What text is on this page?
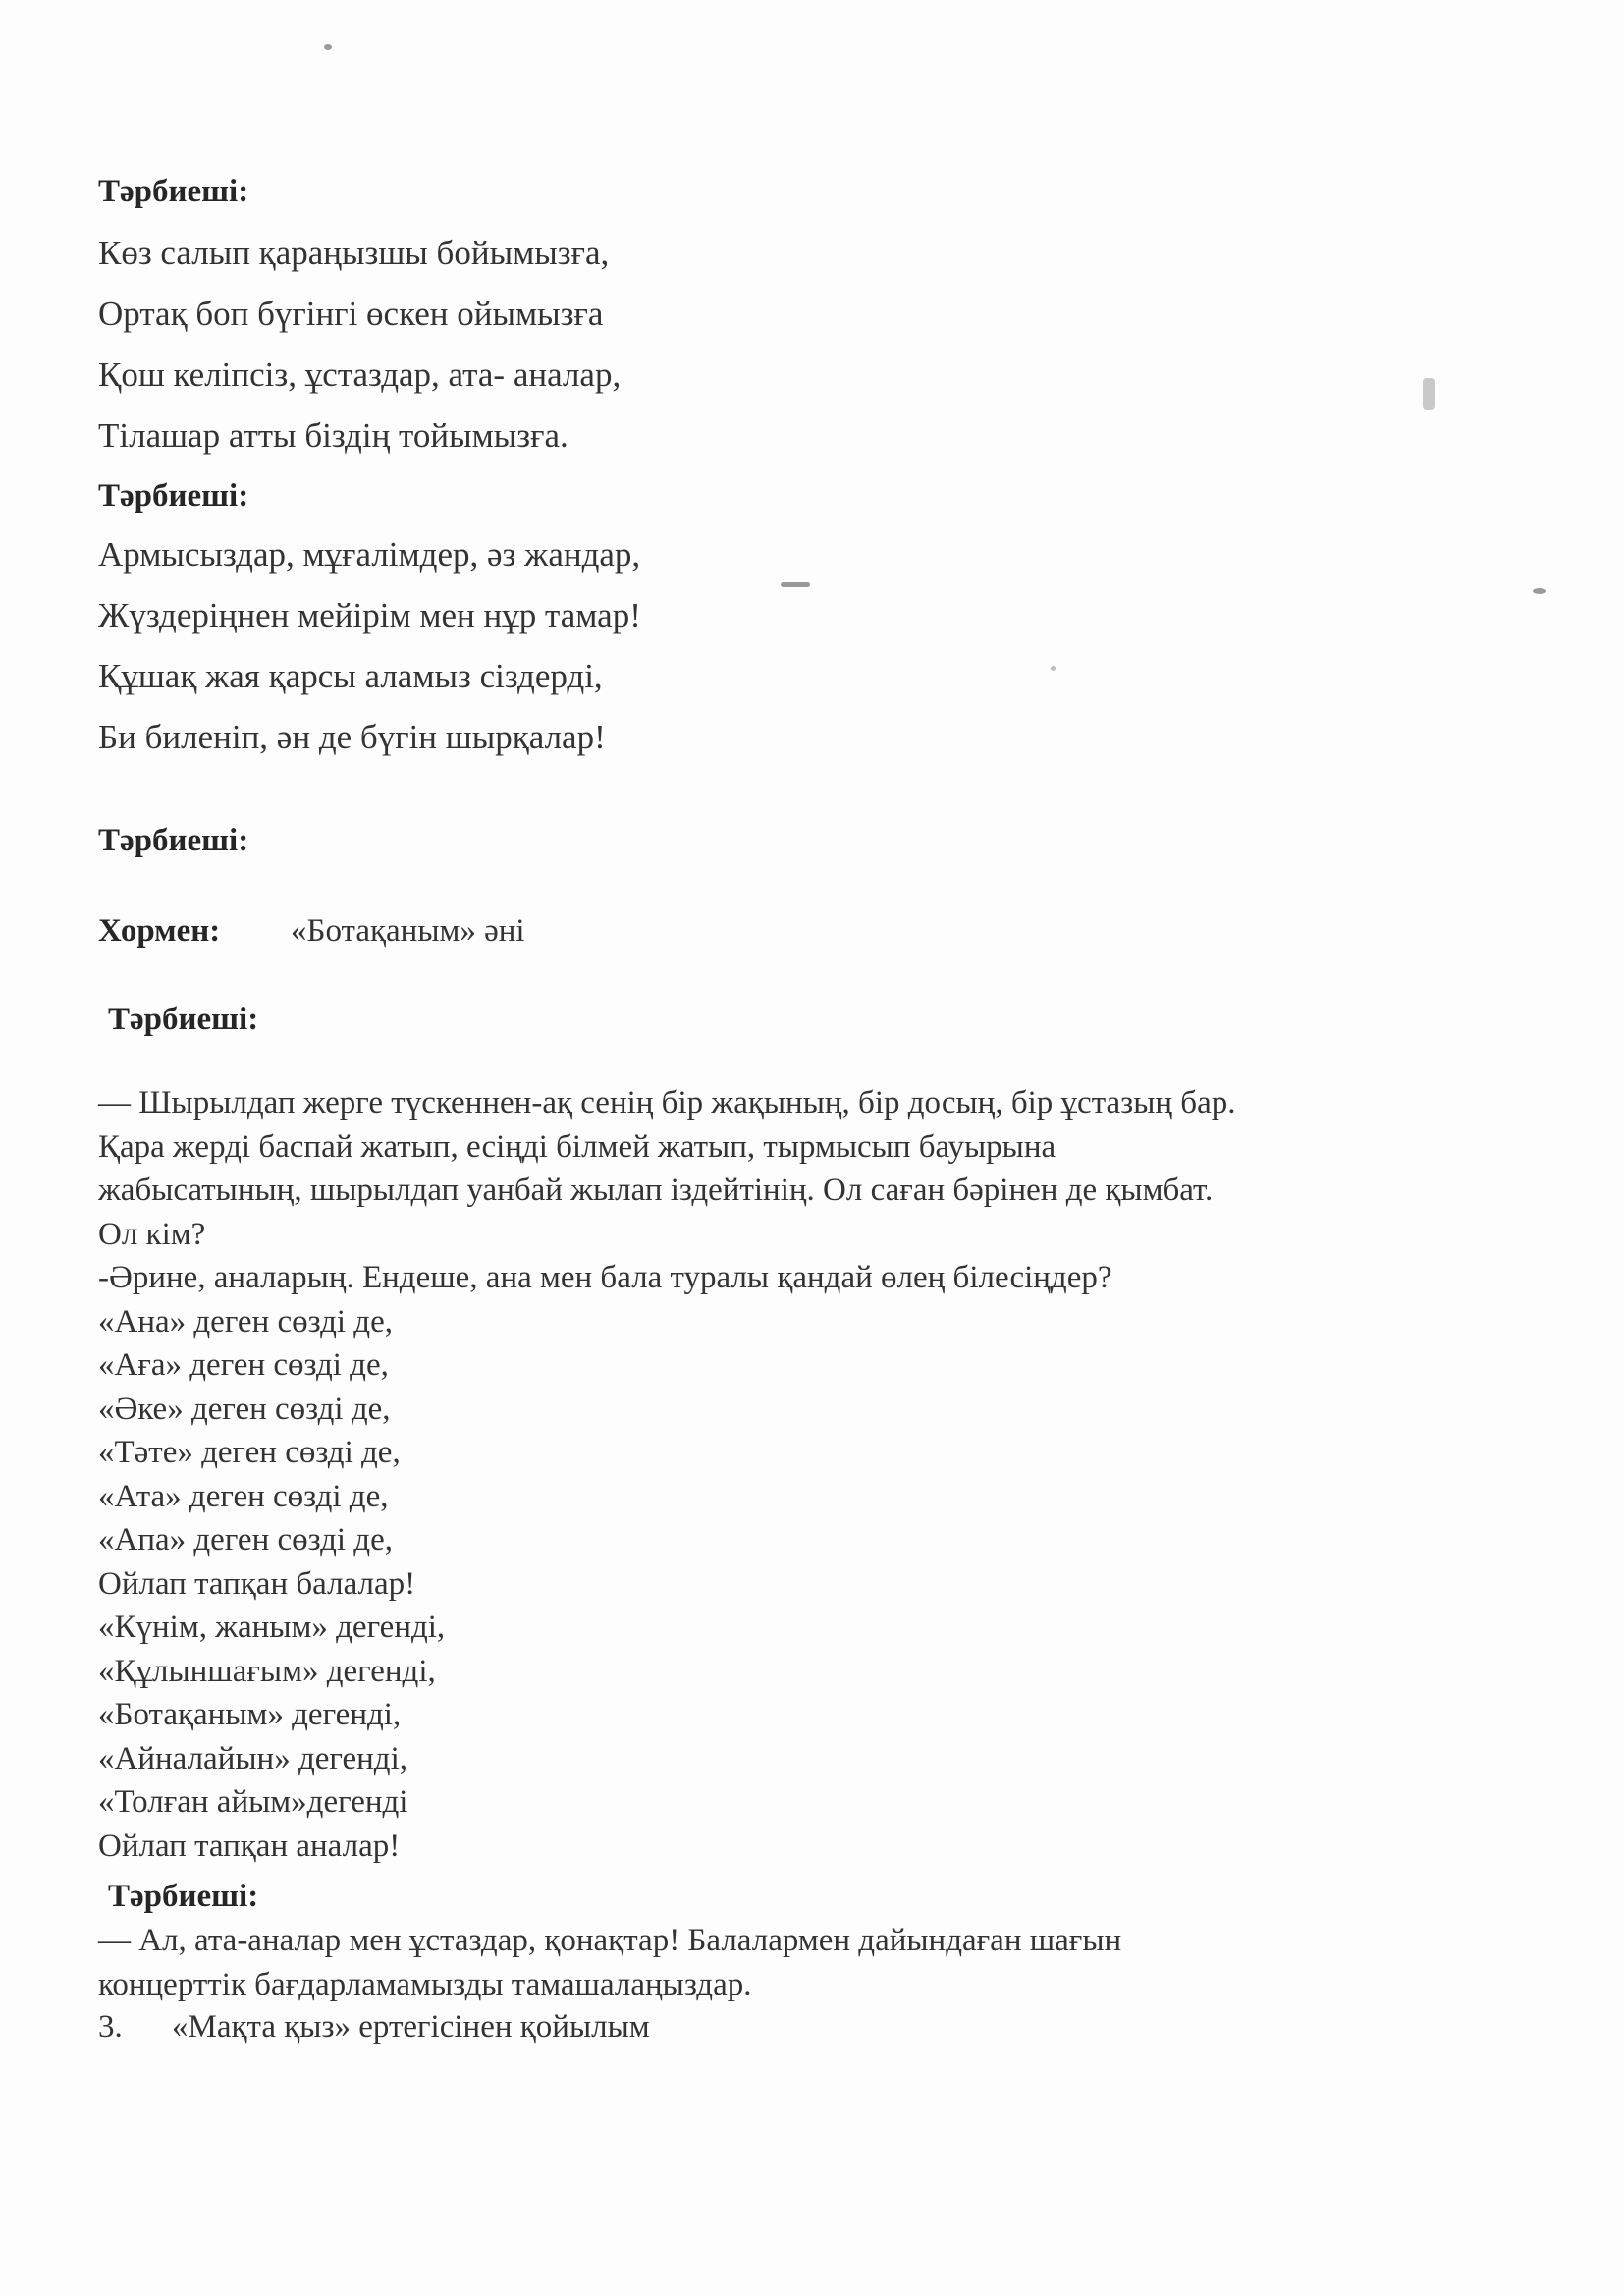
Тәрбиеші:
Көз салып қараңызшы бойымызға,
Ортақ боп бүгінгі өскен ойымызға
Қош келіпсіз, ұстаздар, ата- аналар,
Тілашар атты біздің тойымызға.
Тәрбиеші:
Армысыздар, мұғалімдер, әз жандар,
Жүздеріңнен мейірім мен нұр тамар!
Құшақ жая қарсы аламыз сіздерді,
Би биленіп, ән де бүгін шырқалар!
Тәрбиеші:
Хормен: «Ботақаным» әні
Тәрбиеші:
— Шырылдап жерге түскеннен-ақ сенің бір жақының, бір досың, бір ұстазың бар.
Қара жерді баспай жатып, есіңді білмей жатып, тырмысып бауырына
жабысатының, шырылдап уанбай жылап іздейтінің. Ол саған бәрінен де қымбат.
Ол кім?
-Әрине, аналарың. Ендеше, ана мен бала туралы қандай өлең білесіңдер?
«Ана» деген сөзді де,
«Аға» деген сөзді де,
«Әке» деген сөзді де,
«Тәте» деген сөзді де,
«Ата» деген сөзді де,
«Апа» деген сөзді де,
Ойлап тапқан балалар!
«Күнім, жаным» дегенді,
«Құлыншағым» дегенді,
«Ботақаным» дегенді,
«Айналайын» дегенді,
«Толған айым»дегенді
Ойлап тапқан аналар!
Тәрбиеші:
— Ал, ата-аналар мен ұстаздар, қонақтар! Балалармен дайындаған шағын
концерттік бағдарламамызды тамашалаңыздар.
3. «Мақта қыз» ертегісінен қойылым
